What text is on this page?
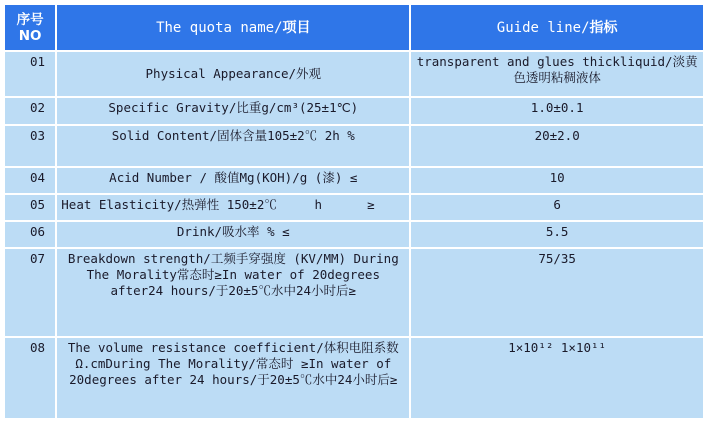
序号NO	The quota name/项目	Guide line/指标
01	Physical Appearance/外观	transparent and glues thickliquid/淡黄色透明粘稠液体
02	Specific Gravity/比重g/cm³(25±1℃)	1.0±0.1
03	Solid Content/固体含量105±2℃ 2h %	20±2.0
04	Acid Number / 酸值Mg(KOH)/g (漆) ≤	10
05	Heat Elasticity/热弹性 150±2℃     h      ≥	6
06	Drink/吸水率 % ≤	5.5
07	Breakdown strength/工频手穿强度 (KV/MM) During The Morality常态时≥In water of 20degrees after24 hours/于20±5℃水中24小时后≥	75/35
08	The volume resistance coefficient/体积电阻系数Ω.cmDuring The Morality/常态时 ≥In water of 20degrees after 24 hours/于20±5℃水中24小时后≥	1×10¹² 1×10¹¹
